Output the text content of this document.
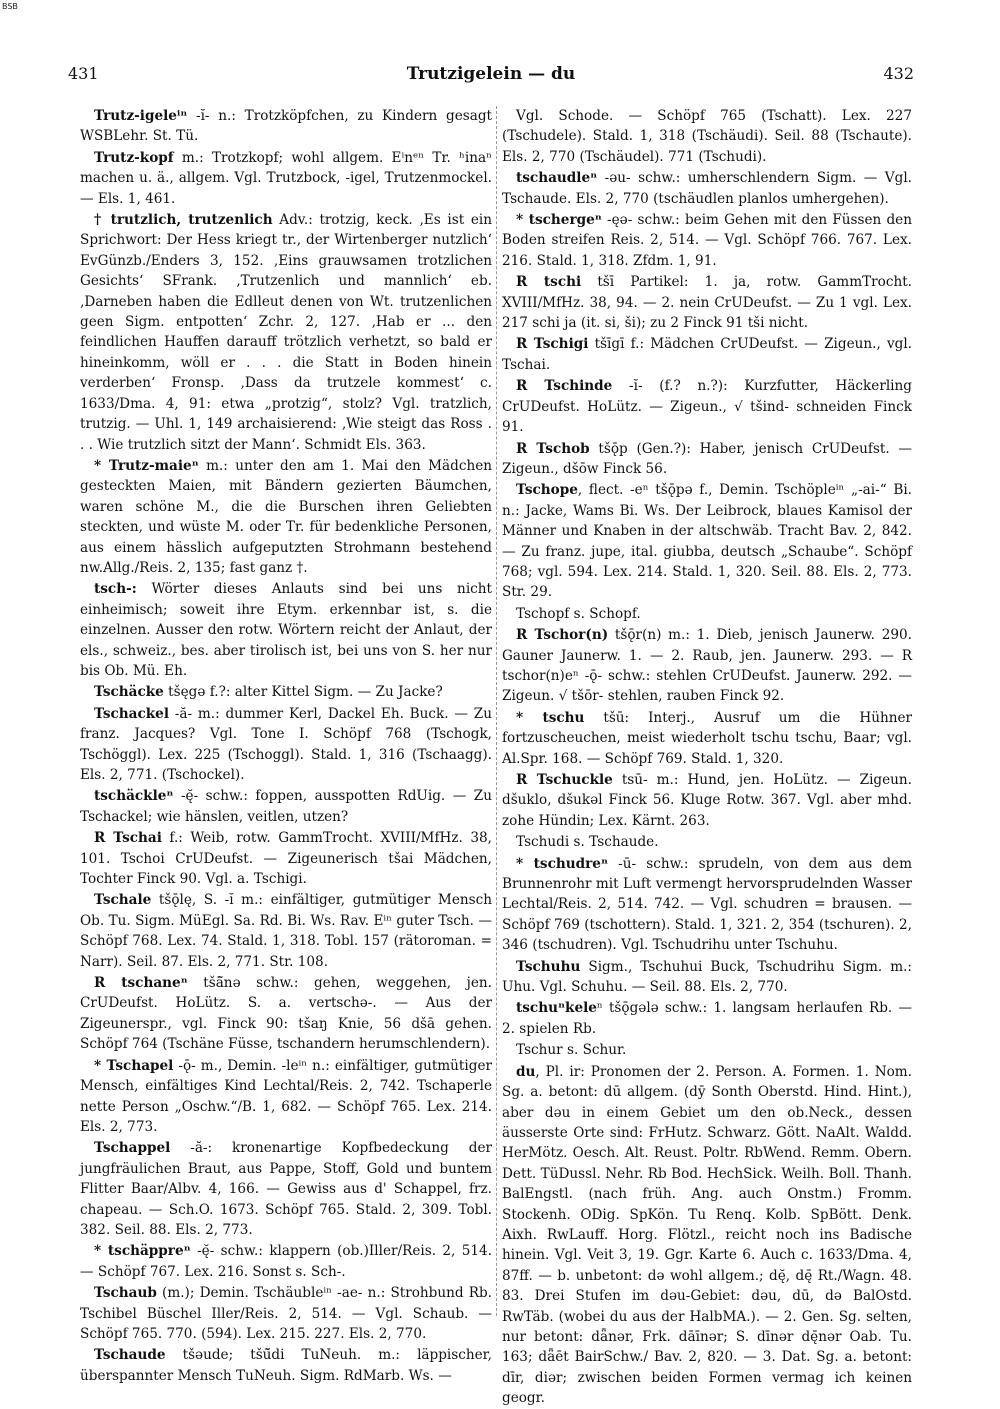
BSB
431	Trutzigelein — du	432

Trutz-igeleⁱⁿ -ĭ- n.: Trotzköpfchen, zu Kindern gesagt WSBLehr. St. Tü.

Trutz-kopf m.: Trotzkopf; wohl allgem. Eⁱnᵉⁿ Tr. ʰinaⁿ machen u. ä., allgem. Vgl. Trutzbock, -igel, Trutzenmockel. — Els. 1, 461.

† trutzlich, trutzenlich Adv.: trotzig, keck. ‚Es ist ein Sprichwort: Der Hess kriegt tr., der Wirtenberger nutzlich‘ EvGünzb./Enders 3, 152. ‚Eins grauwsamen trotzlichen Gesichts‘ SFrank. ‚Trutzenlich und mannlich‘ eb. ‚Darneben haben die Edlleut denen von Wt. trutzenlichen geen Sigm. entpotten‘ Zchr. 2, 127. ‚Hab er ... den feindlichen Hauffen darauff trötzlich verhetzt, so bald er hineinkomm, wöll er . . . die Statt in Boden hinein verderben‘ Fronsp. ‚Dass da trutzele kommest‘ c. 1633/Dma. 4, 91: etwa „protzig“, stolz? Vgl. tratzlich, trutzig. — Uhl. 1, 149 archaisierend: ‚Wie steigt das Ross . . . Wie trutzlich sitzt der Mann‘. Schmidt Els. 363.

* Trutz-maieⁿ m.: unter den am 1. Mai den Mädchen gesteckten Maien, mit Bändern gezierten Bäumchen, waren schöne M., die die Burschen ihren Geliebten steckten, und wüste M. oder Tr. für bedenkliche Personen, aus einem hässlich aufgeputzten Strohmann bestehend nw.Allg./Reis. 2, 135; fast ganz †.

tsch-: Wörter dieses Anlauts sind bei uns nicht einheimisch; soweit ihre Etym. erkennbar ist, s. die einzelnen. Ausser den rotw. Wörtern reicht der Anlaut, der els., schweiz., bes. aber tirolisch ist, bei uns von S. her nur bis Ob. Mü. Eh.

Tschäcke tšęgə f.?: alter Kittel Sigm. — Zu Jacke?

Tschackel -ă- m.: dummer Kerl, Dackel Eh. Buck. — Zu franz. Jacques? Vgl. Tone I. Schöpf 768 (Tschogk, Tschöggl). Lex. 225 (Tschoggl). Stald. 1, 316 (Tschaagg). Els. 2, 771. (Tschockel).

tschäckleⁿ -ę̆- schw.: foppen, ausspotten RdUig. — Zu Tschackel; wie hänslen, veitlen, utzen?

R Tschai f.: Weib, rotw. GammTrocht. XVIII/MfHz. 38, 101. Tschoi CrUDeufst. — Zigeunerisch tšai Mädchen, Tochter Finck 90. Vgl. a. Tschigi.

Tschale tšǭlę, S. -ĭ m.: einfältiger, gutmütiger Mensch Ob. Tu. Sigm. MüEgl. Sa. Rd. Bi. Ws. Rav. Eⁱⁿ guter Tsch. — Schöpf 768. Lex. 74. Stald. 1, 318. Tobl. 157 (rätoroman. = Narr). Seil. 87. Els. 2, 771. Str. 108.

R tschaneⁿ tšā̃nə schw.: gehen, weggehen, jen. CrUDeufst. HoLütz. S. a. vertschə-. — Aus der Zigeunerspr., vgl. Finck 90: tšaŋ Knie, 56 dšā gehen. Schöpf 764 (Tschäne Füsse, tschandern herumschlendern).

* Tschapel -ǭ- m., Demin. -leⁱⁿ n.: einfältiger, gutmütiger Mensch, einfältiges Kind Lechtal/Reis. 2, 742. Tschaperle nette Person „Oschw.“/B. 1, 682. — Schöpf 765. Lex. 214. Els. 2, 773.

Tschappel -ă-: kronenartige Kopfbedeckung der jungfräulichen Braut, aus Pappe, Stoff, Gold und buntem Flitter Baar/Albv. 4, 166. — Gewiss aus d' Schappel, frz. chapeau. — Sch.O. 1673. Schöpf 765. Stald. 2, 309. Tobl. 382. Seil. 88. Els. 2, 773.

* tschäppreⁿ -ę̆- schw.: klappern (ob.)Iller/Reis. 2, 514. — Schöpf 767. Lex. 216. Sonst s. Sch-.

Tschaub (m.); Demin. Tschäubleⁱⁿ -ae- n.: Strohbund Rb. Tschibel Büschel Iller/Reis. 2, 514. — Vgl. Schaub. — Schöpf 765. 770. (594). Lex. 215. 227. Els. 2, 770.

Tschaude tšəude; tšū̆di TuNeuh. m.: läppischer, überspannter Mensch TuNeuh. Sigm. RdMarb. Ws. —

Vgl. Schode. — Schöpf 765 (Tschatt). Lex. 227 (Tschudele). Stald. 1, 318 (Tschäudi). Seil. 88 (Tschaute). Els. 2, 770 (Tschäudel). 771 (Tschudi).

tschaudleⁿ -əu- schw.: umherschlendern Sigm. — Vgl. Tschaude. Els. 2, 770 (tschäudlen planlos umhergehen).

* tschergeⁿ -ęə- schw.: beim Gehen mit den Füssen den Boden streifen Reis. 2, 514. — Vgl. Schöpf 766. 767. Lex. 216. Stald. 1, 318. Zfdm. 1, 91.

R tschi tšī Partikel: 1. ja, rotw. GammTrocht. XVIII/MfHz. 38, 94. — 2. nein CrUDeufst. — Zu 1 vgl. Lex. 217 schi ja (it. si, ši); zu 2 Finck 91 tši nicht.

R Tschigi tšīgī f.: Mädchen CrUDeufst. — Zigeun., vgl. Tschai.

R Tschinde -ĭ- (f.? n.?): Kurzfutter, Häckerling CrUDeufst. HoLütz. — Zigeun., √ tšind- schneiden Finck 91.

R Tschob tšǭp (Gen.?): Haber, jenisch CrUDeufst. — Zigeun., dšōw Finck 56.

Tschope, flect. -eⁿ tšǭpə f., Demin. Tschöpleⁱⁿ „-ai-“ Bi. n.: Jacke, Wams Bi. Ws. Der Leibrock, blaues Kamisol der Männer und Knaben in der altschwäb. Tracht Bav. 2, 842. — Zu franz. jupe, ital. giubba, deutsch „Schaube“. Schöpf 768; vgl. 594. Lex. 214. Stald. 1, 320. Seil. 88. Els. 2, 773. Str. 29.

Tschopf s. Schopf.

R Tschor(n) tšǭr(n) m.: 1. Dieb, jenisch Jaunerw. 290. Gauner Jaunerw. 1. — 2. Raub, jen. Jaunerw. 293. — R tschor(n)eⁿ -ǭ- schw.: stehlen CrUDeufst. Jaunerw. 292. — Zigeun. √ tšōr- stehlen, rauben Finck 92.

* tschu tšū: Interj., Ausruf um die Hühner fortzuscheuchen, meist wiederholt tschu tschu, Baar; vgl. Al.Spr. 168. — Schöpf 769. Stald. 1, 320.

R Tschuckle tsū- m.: Hund, jen. HoLütz. — Zigeun. dšuklo, dšukəl Finck 56. Kluge Rotw. 367. Vgl. aber mhd. zohe Hündin; Lex. Kärnt. 263.

Tschudi s. Tschaude.

* tschudreⁿ -ū- schw.: sprudeln, von dem aus dem Brunnenrohr mit Luft vermengt hervorsprudelnden Wasser Lechtal/Reis. 2, 514. 742. — Vgl. schudren = brausen. — Schöpf 769 (tschottern). Stald. 1, 321. 2, 354 (tschuren). 2, 346 (tschudren). Vgl. Tschudrihu unter Tschuhu.

Tschuhu Sigm., Tschuhui Buck, Tschudrihu Sigm. m.: Uhu. Vgl. Schuhu. — Seil. 88. Els. 2, 770.

tschuⁿkeleⁿ tšǭgələ schw.: 1. langsam herlaufen Rb. — 2. spielen Rb.

Tschur s. Schur.

du, Pl. ir: Pronomen der 2. Person. A. Formen. 1. Nom. Sg. a. betont: dū allgem. (dȳ Sonth Oberstd. Hind. Hint.), aber dəu in einem Gebiet um den ob.Neck., dessen äusserste Orte sind: FrHutz. Schwarz. Gött. NaAlt. Waldd. HerMötz. Oesch. Alt. Reust. Poltr. RbWend. Remm. Obern. Dett. TüDussl. Nehr. Rb Bod. HechSick. Weilh. Boll. Thanh. BalEngstl. (nach früh. Ang. auch Onstm.) Fromm. Stockenh. ODig. SpKön. Tu Renq. Kolb. SpBött. Denk. Aixh. RwLauff. Horg. Flötzl., reicht noch ins Badische hinein. Vgl. Veit 3, 19. Ggr. Karte 6. Auch c. 1633/Dma. 4, 87ff. — b. unbetont: də wohl allgem.; dę̆, dę̄ Rt./Wagn. 48. 83. Drei Stufen im dəu-Gebiet: dəu, dū, də BalOstd. RwTäb. (wobei du aus der HalbMA.). — 2. Gen. Sg. selten, nur betont: dǟnər, Frk. dāīnər; S. dīnər dę̄nər Oab. Tu. 163; dǟēt BairSchw./ Bav. 2, 820. — 3. Dat. Sg. a. betont: dīr, diər; zwischen beiden Formen vermag ich keinen geogr.
